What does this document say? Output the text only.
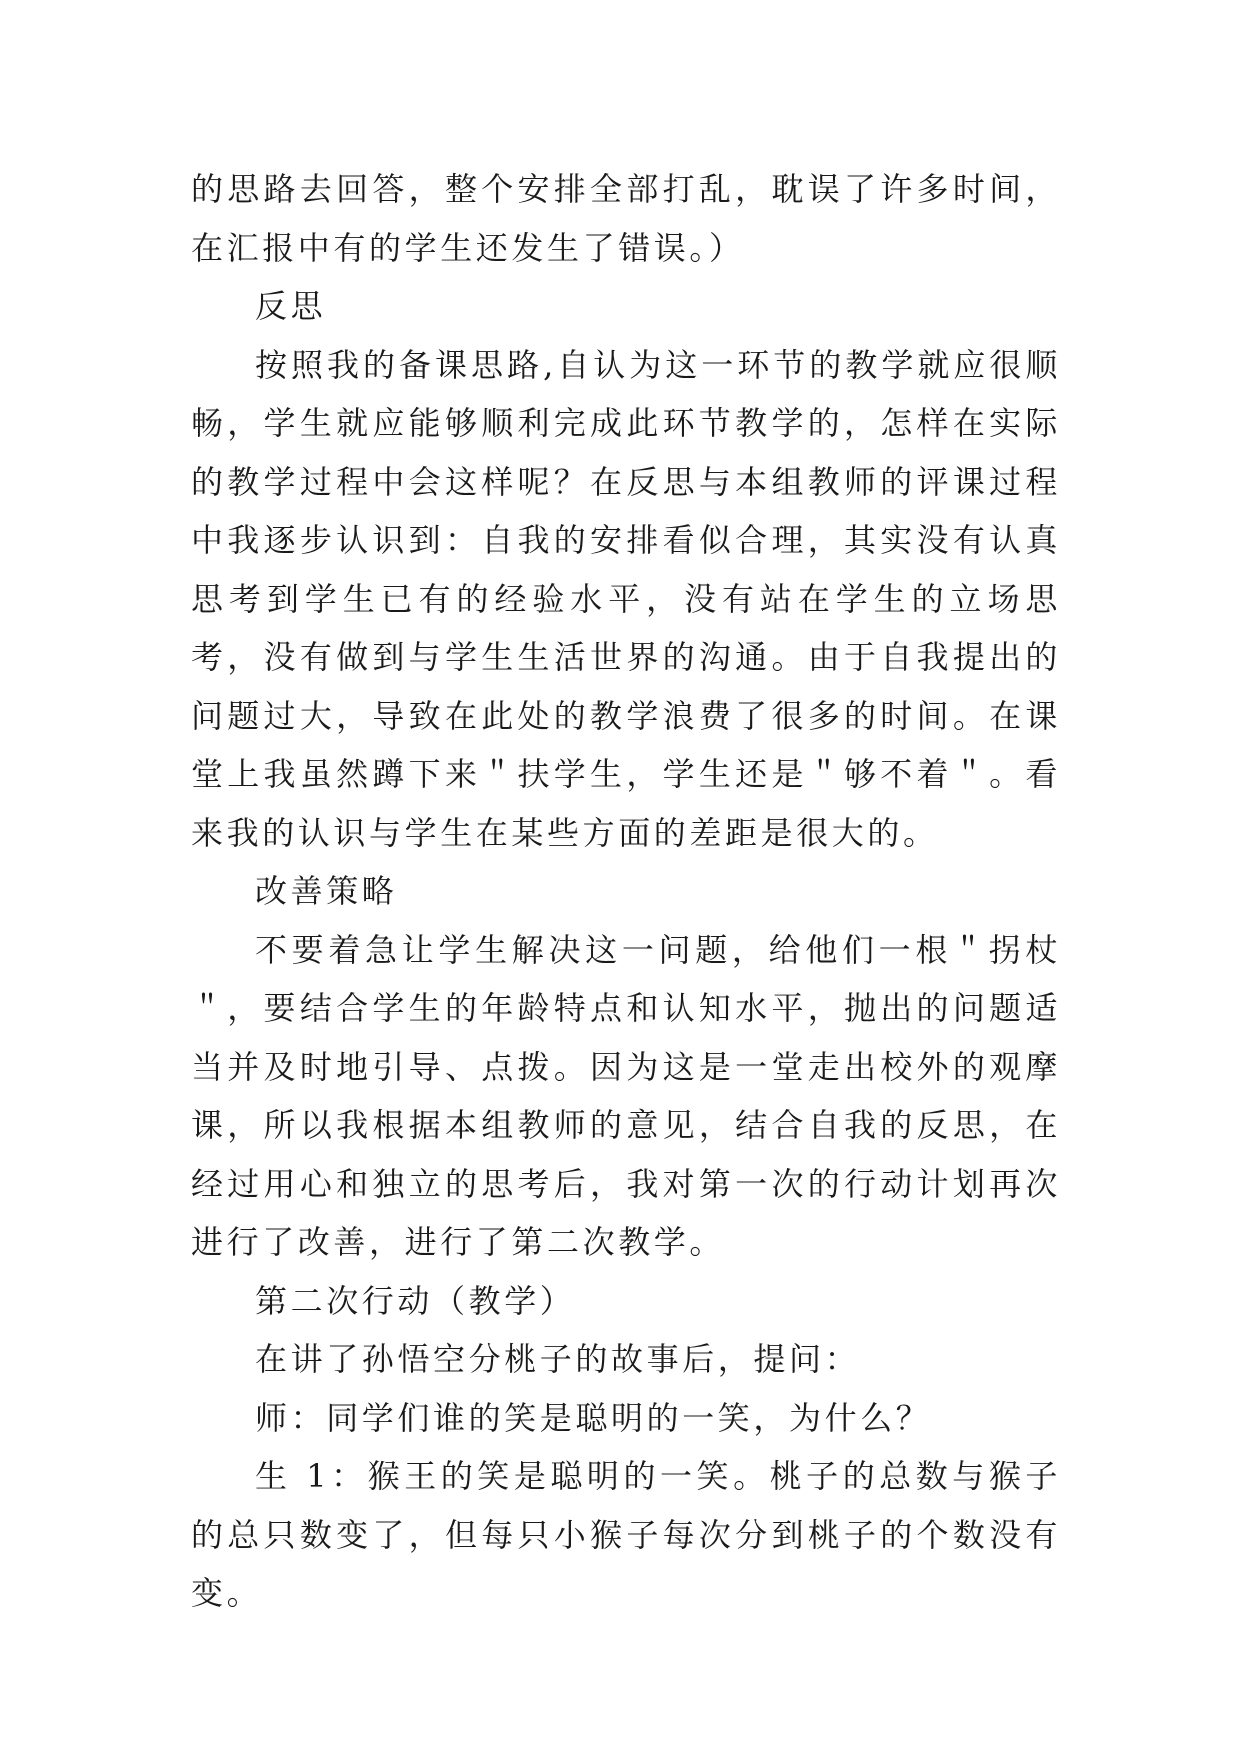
的思路去回答，整个安排全部打乱，耽误了许多时间，在汇报中有的学生还发生了错误。）

反思

按照我的备课思路,自认为这一环节的教学就应很顺畅，学生就应能够顺利完成此环节教学的，怎样在实际的教学过程中会这样呢？在反思与本组教师的评课过程中我逐步认识到：自我的安排看似合理，其实没有认真思考到学生已有的经验水平，没有站在学生的立场思考，没有做到与学生生活世界的沟通。由于自我提出的问题过大，导致在此处的教学浪费了很多的时间。在课堂上我虽然蹲下来＂扶学生，学生还是＂够不着＂。看来我的认识与学生在某些方面的差距是很大的。

改善策略

不要着急让学生解决这一问题，给他们一根＂拐杖＂，要结合学生的年龄特点和认知水平，抛出的问题适当并及时地引导、点拨。因为这是一堂走出校外的观摩课，所以我根据本组教师的意见，结合自我的反思，在经过用心和独立的思考后，我对第一次的行动计划再次进行了改善，进行了第二次教学。

第二次行动（教学）

在讲了孙悟空分桃子的故事后，提问：

师：同学们谁的笑是聪明的一笑，为什么？

生 1：猴王的笑是聪明的一笑。桃子的总数与猴子的总只数变了，但每只小猴子每次分到桃子的个数没有变。
